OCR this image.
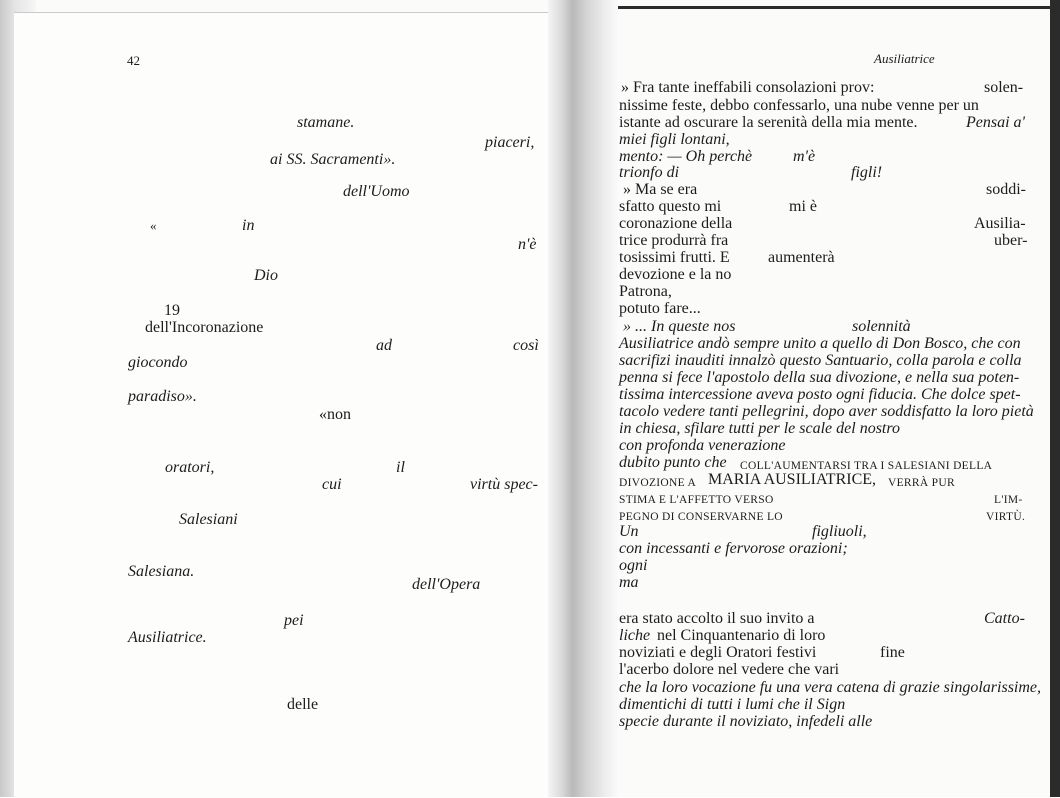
42
stamane.
piaceri,
ai SS. Sacramenti».
dell'Uomo
«	in
n'è
Dio
19
dell'Incoronazione
ad	così
giocondo
paradiso».
«non
oratori,	il
cui	virtù spec-
Salesiani
Salesiana.
dell'Opera
pei
Ausiliatrice.
delle
Ausiliatrice
» Fra tante ineffabili consolazioni prov:	solen-
nissime feste, debbo confessarlo, una nube venne per un
istante ad oscurare la serenità della mia mente.	Pensai a'
miei figli lontani,
mento: — Oh perchè	m'è
trionfo di	figli!
» Ma se era	soddi-
sfatto questo mi	mi è
coronazione della	Ausilia-
trice produrrà fra	uber-
tosissimi frutti. E aumenterà
devozione e la no
Patrona,
potuto fare...
» ... In queste nos	solennità
Ausiliatrice andò sempre unito a quello di Don Bosco, che con
sacrifizi inauditi innalzò questo Santuario, colla parola e colla
penna si fece l'apostolo della sua divozione, e nella sua poten-
tissima intercessione aveva posto ogni fiducia. Che dolce spet-
tacolo vedere tanti pellegrini, dopo aver soddisfatto la loro pietà
in chiesa, sfilare tutti per le scale del nostro
con profonda venerazione
dubito punto che COLL'AUMENTARSI TRA I SALESIANI DELLA
DIVOZIONE A MARIA AUSILIATRICE, VERRÀ PUR
STIMA E L'AFFETTO VERSO	L'IM-
PEGNO DI CONSERVARNE LO	VIRTÙ.
Un	figliuoli,
con incessanti e fervorose orazioni;
ogni
ma
era stato accolto il suo invito a	Catto-
liche nel Cinquantenario di loro
noviziati e degli Oratori festivi	fine
l'acerbo dolore nel vedere che vari
che la loro vocazione fu una vera catena di grazie singolarissime,
dimentichi di tutti i lumi che il Sign
specie durante il noviziato, infedeli alle
